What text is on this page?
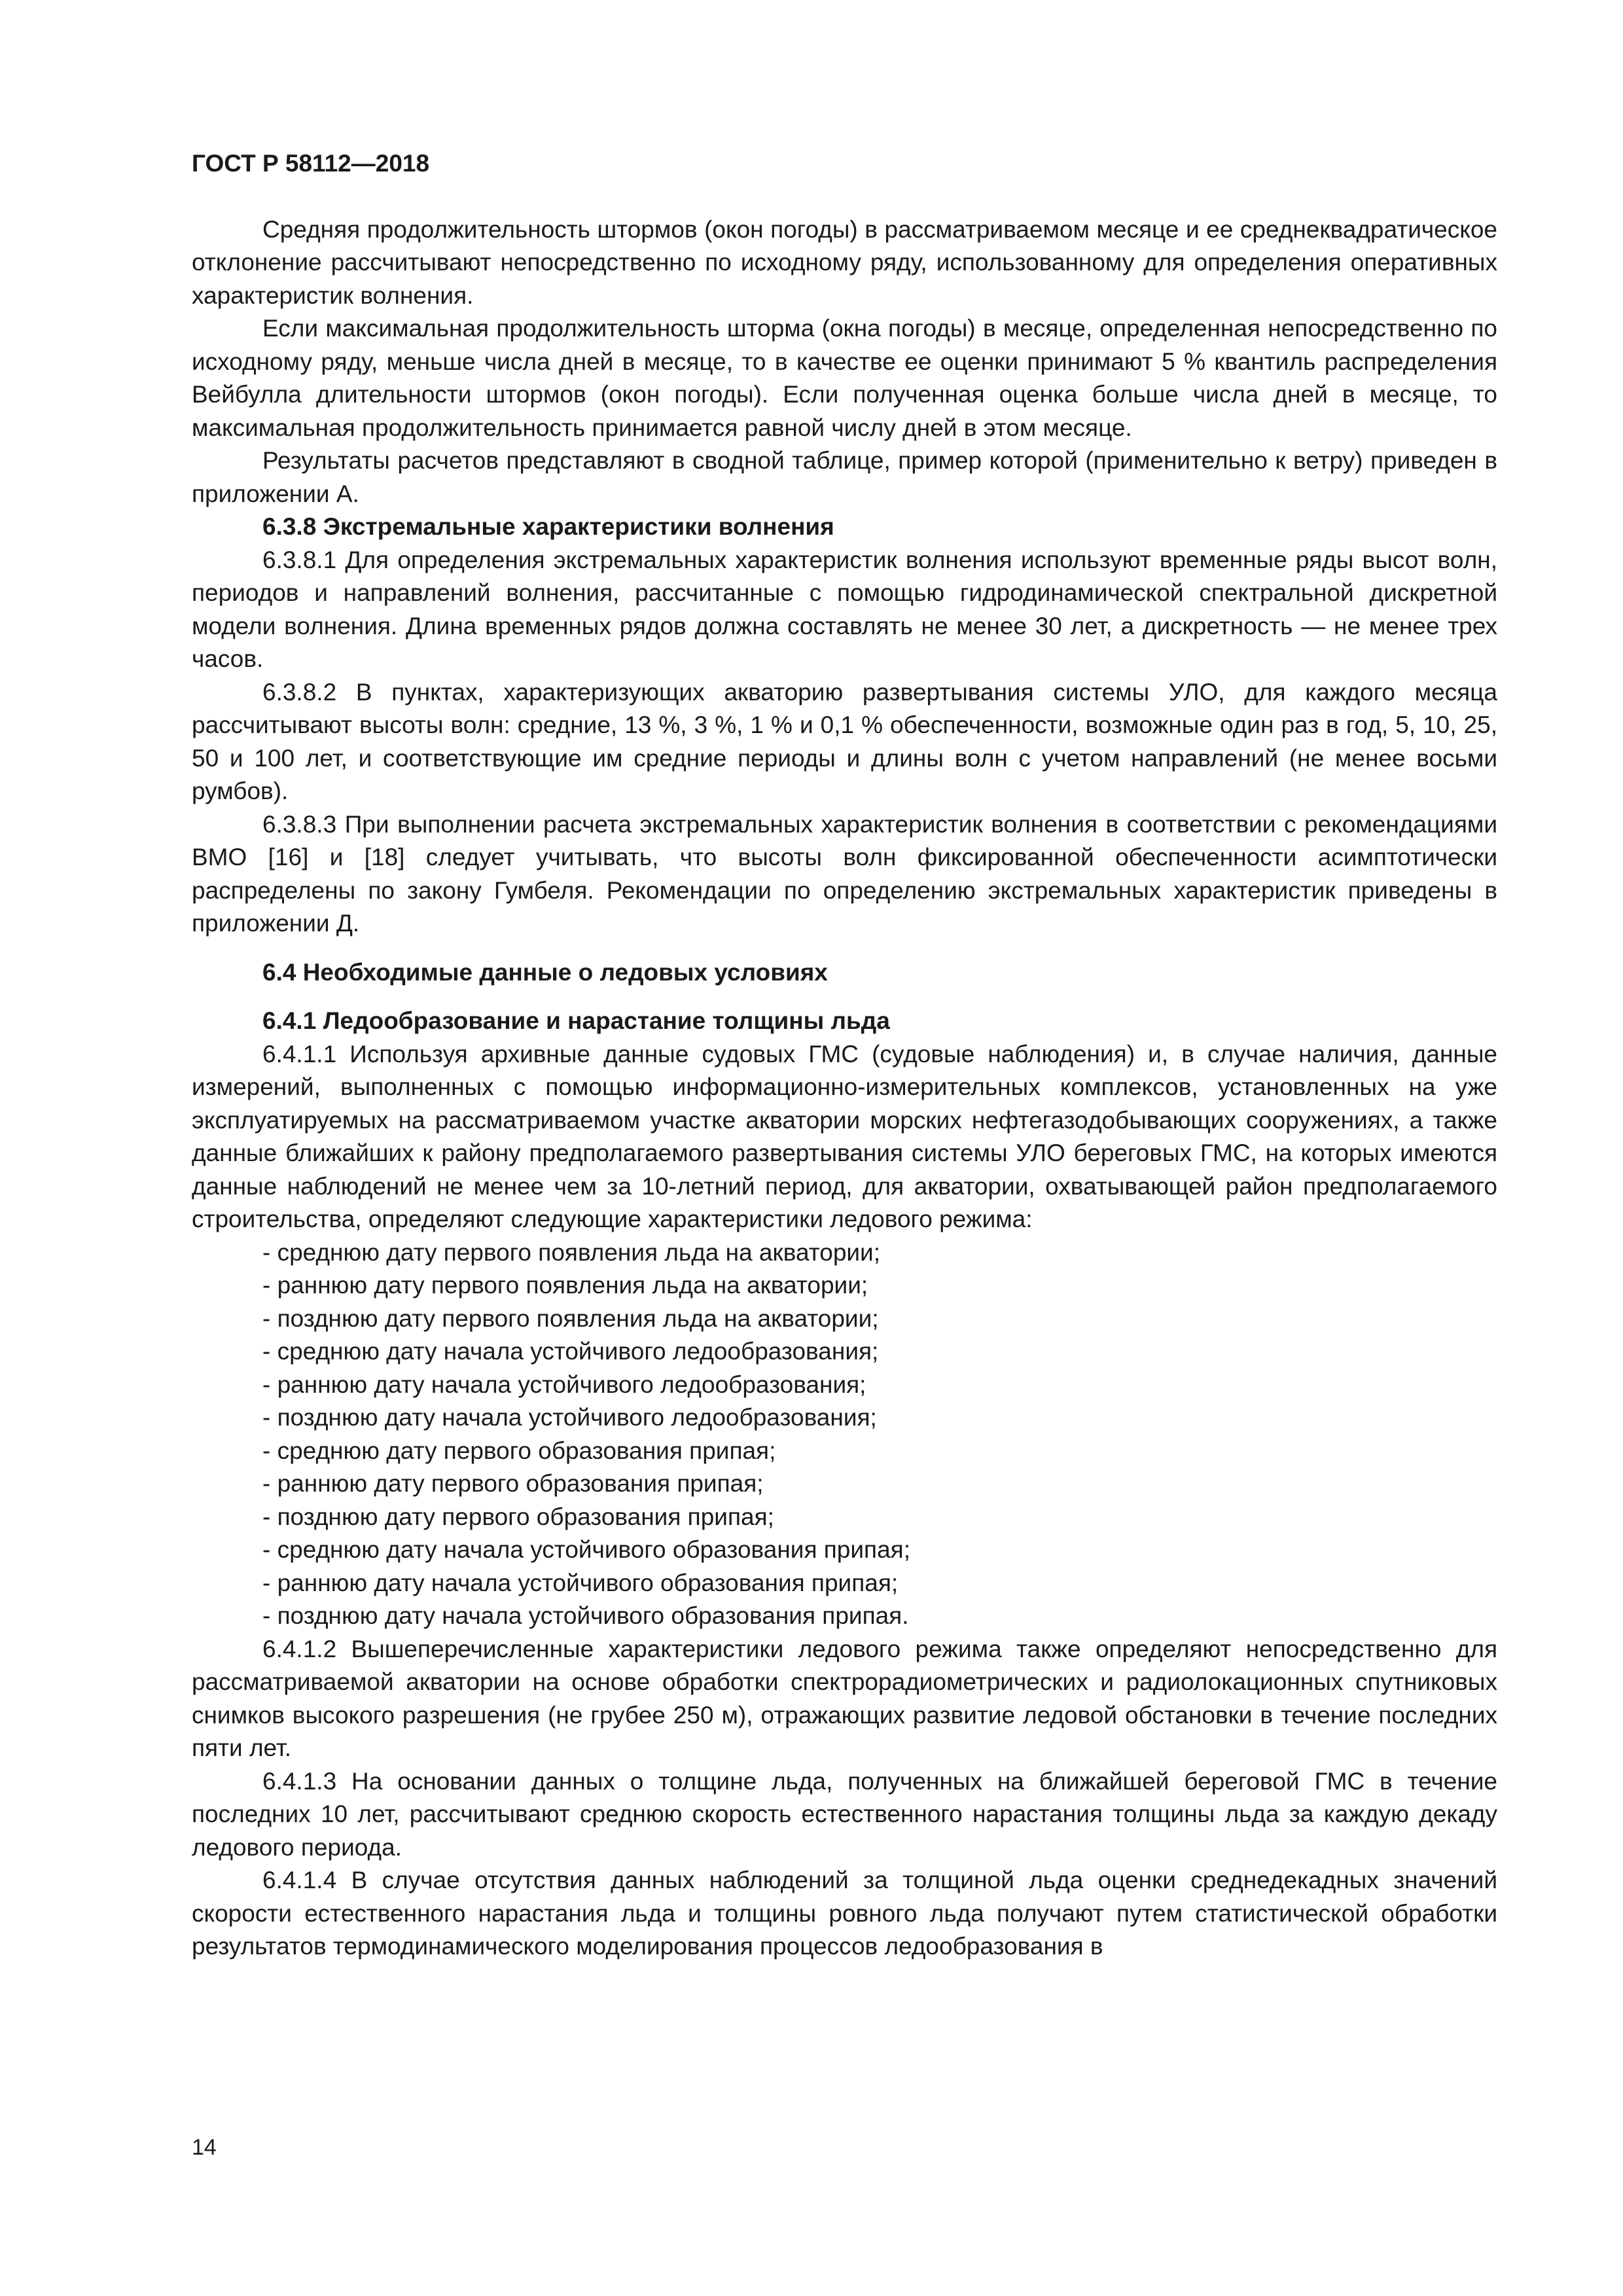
ГОСТ Р 58112—2018

Средняя продолжительность штормов (окон погоды) в рассматриваемом месяце и ее среднеквадратическое отклонение рассчитывают непосредственно по исходному ряду, использованному для определения оперативных характеристик волнения.

Если максимальная продолжительность шторма (окна погоды) в месяце, определенная непосредственно по исходному ряду, меньше числа дней в месяце, то в качестве ее оценки принимают 5 % квантиль распределения Вейбулла длительности штормов (окон погоды). Если полученная оценка больше числа дней в месяце, то максимальная продолжительность принимается равной числу дней в этом месяце.

Результаты расчетов представляют в сводной таблице, пример которой (применительно к ветру) приведен в приложении А.

6.3.8 Экстремальные характеристики волнения

6.3.8.1 Для определения экстремальных характеристик волнения используют временные ряды высот волн, периодов и направлений волнения, рассчитанные с помощью гидродинамической спектральной дискретной модели волнения. Длина временных рядов должна составлять не менее 30 лет, а дискретность — не менее трех часов.

6.3.8.2 В пунктах, характеризующих акваторию развертывания системы УЛО, для каждого месяца рассчитывают высоты волн: средние, 13 %, 3 %, 1 % и 0,1 % обеспеченности, возможные один раз в год, 5, 10, 25, 50 и 100 лет, и соответствующие им средние периоды и длины волн с учетом направлений (не менее восьми румбов).

6.3.8.3 При выполнении расчета экстремальных характеристик волнения в соответствии с рекомендациями ВМО [16] и [18] следует учитывать, что высоты волн фиксированной обеспеченности асимптотически распределены по закону Гумбеля. Рекомендации по определению экстремальных характеристик приведены в приложении Д.

6.4 Необходимые данные о ледовых условиях
6.4.1 Ледообразование и нарастание толщины льда

6.4.1.1 Используя архивные данные судовых ГМС (судовые наблюдения) и, в случае наличия, данные измерений, выполненных с помощью информационно-измерительных комплексов, установленных на уже эксплуатируемых на рассматриваемом участке акватории морских нефтегазодобывающих сооружениях, а также данные ближайших к району предполагаемого развертывания системы УЛО береговых ГМС, на которых имеются данные наблюдений не менее чем за 10-летний период, для акватории, охватывающей район предполагаемого строительства, определяют следующие характеристики ледового режима:

- среднюю дату первого появления льда на акватории;
- раннюю дату первого появления льда на акватории;
- позднюю дату первого появления льда на акватории;
- среднюю дату начала устойчивого ледообразования;
- раннюю дату начала устойчивого ледообразования;
- позднюю дату начала устойчивого ледообразования;
- среднюю дату первого образования припая;
- раннюю дату первого образования припая;
- позднюю дату первого образования припая;
- среднюю дату начала устойчивого образования припая;
- раннюю дату начала устойчивого образования припая;
- позднюю дату начала устойчивого образования припая.

6.4.1.2 Вышеперечисленные характеристики ледового режима также определяют непосредственно для рассматриваемой акватории на основе обработки спектрорадиометрических и радиолокационных спутниковых снимков высокого разрешения (не грубее 250 м), отражающих развитие ледовой обстановки в течение последних пяти лет.

6.4.1.3 На основании данных о толщине льда, полученных на ближайшей береговой ГМС в течение последних 10 лет, рассчитывают среднюю скорость естественного нарастания толщины льда за каждую декаду ледового периода.

6.4.1.4 В случае отсутствия данных наблюдений за толщиной льда оценки среднедекадных значений скорости естественного нарастания льда и толщины ровного льда получают путем статистической обработки результатов термодинамического моделирования процессов ледообразования в

14
